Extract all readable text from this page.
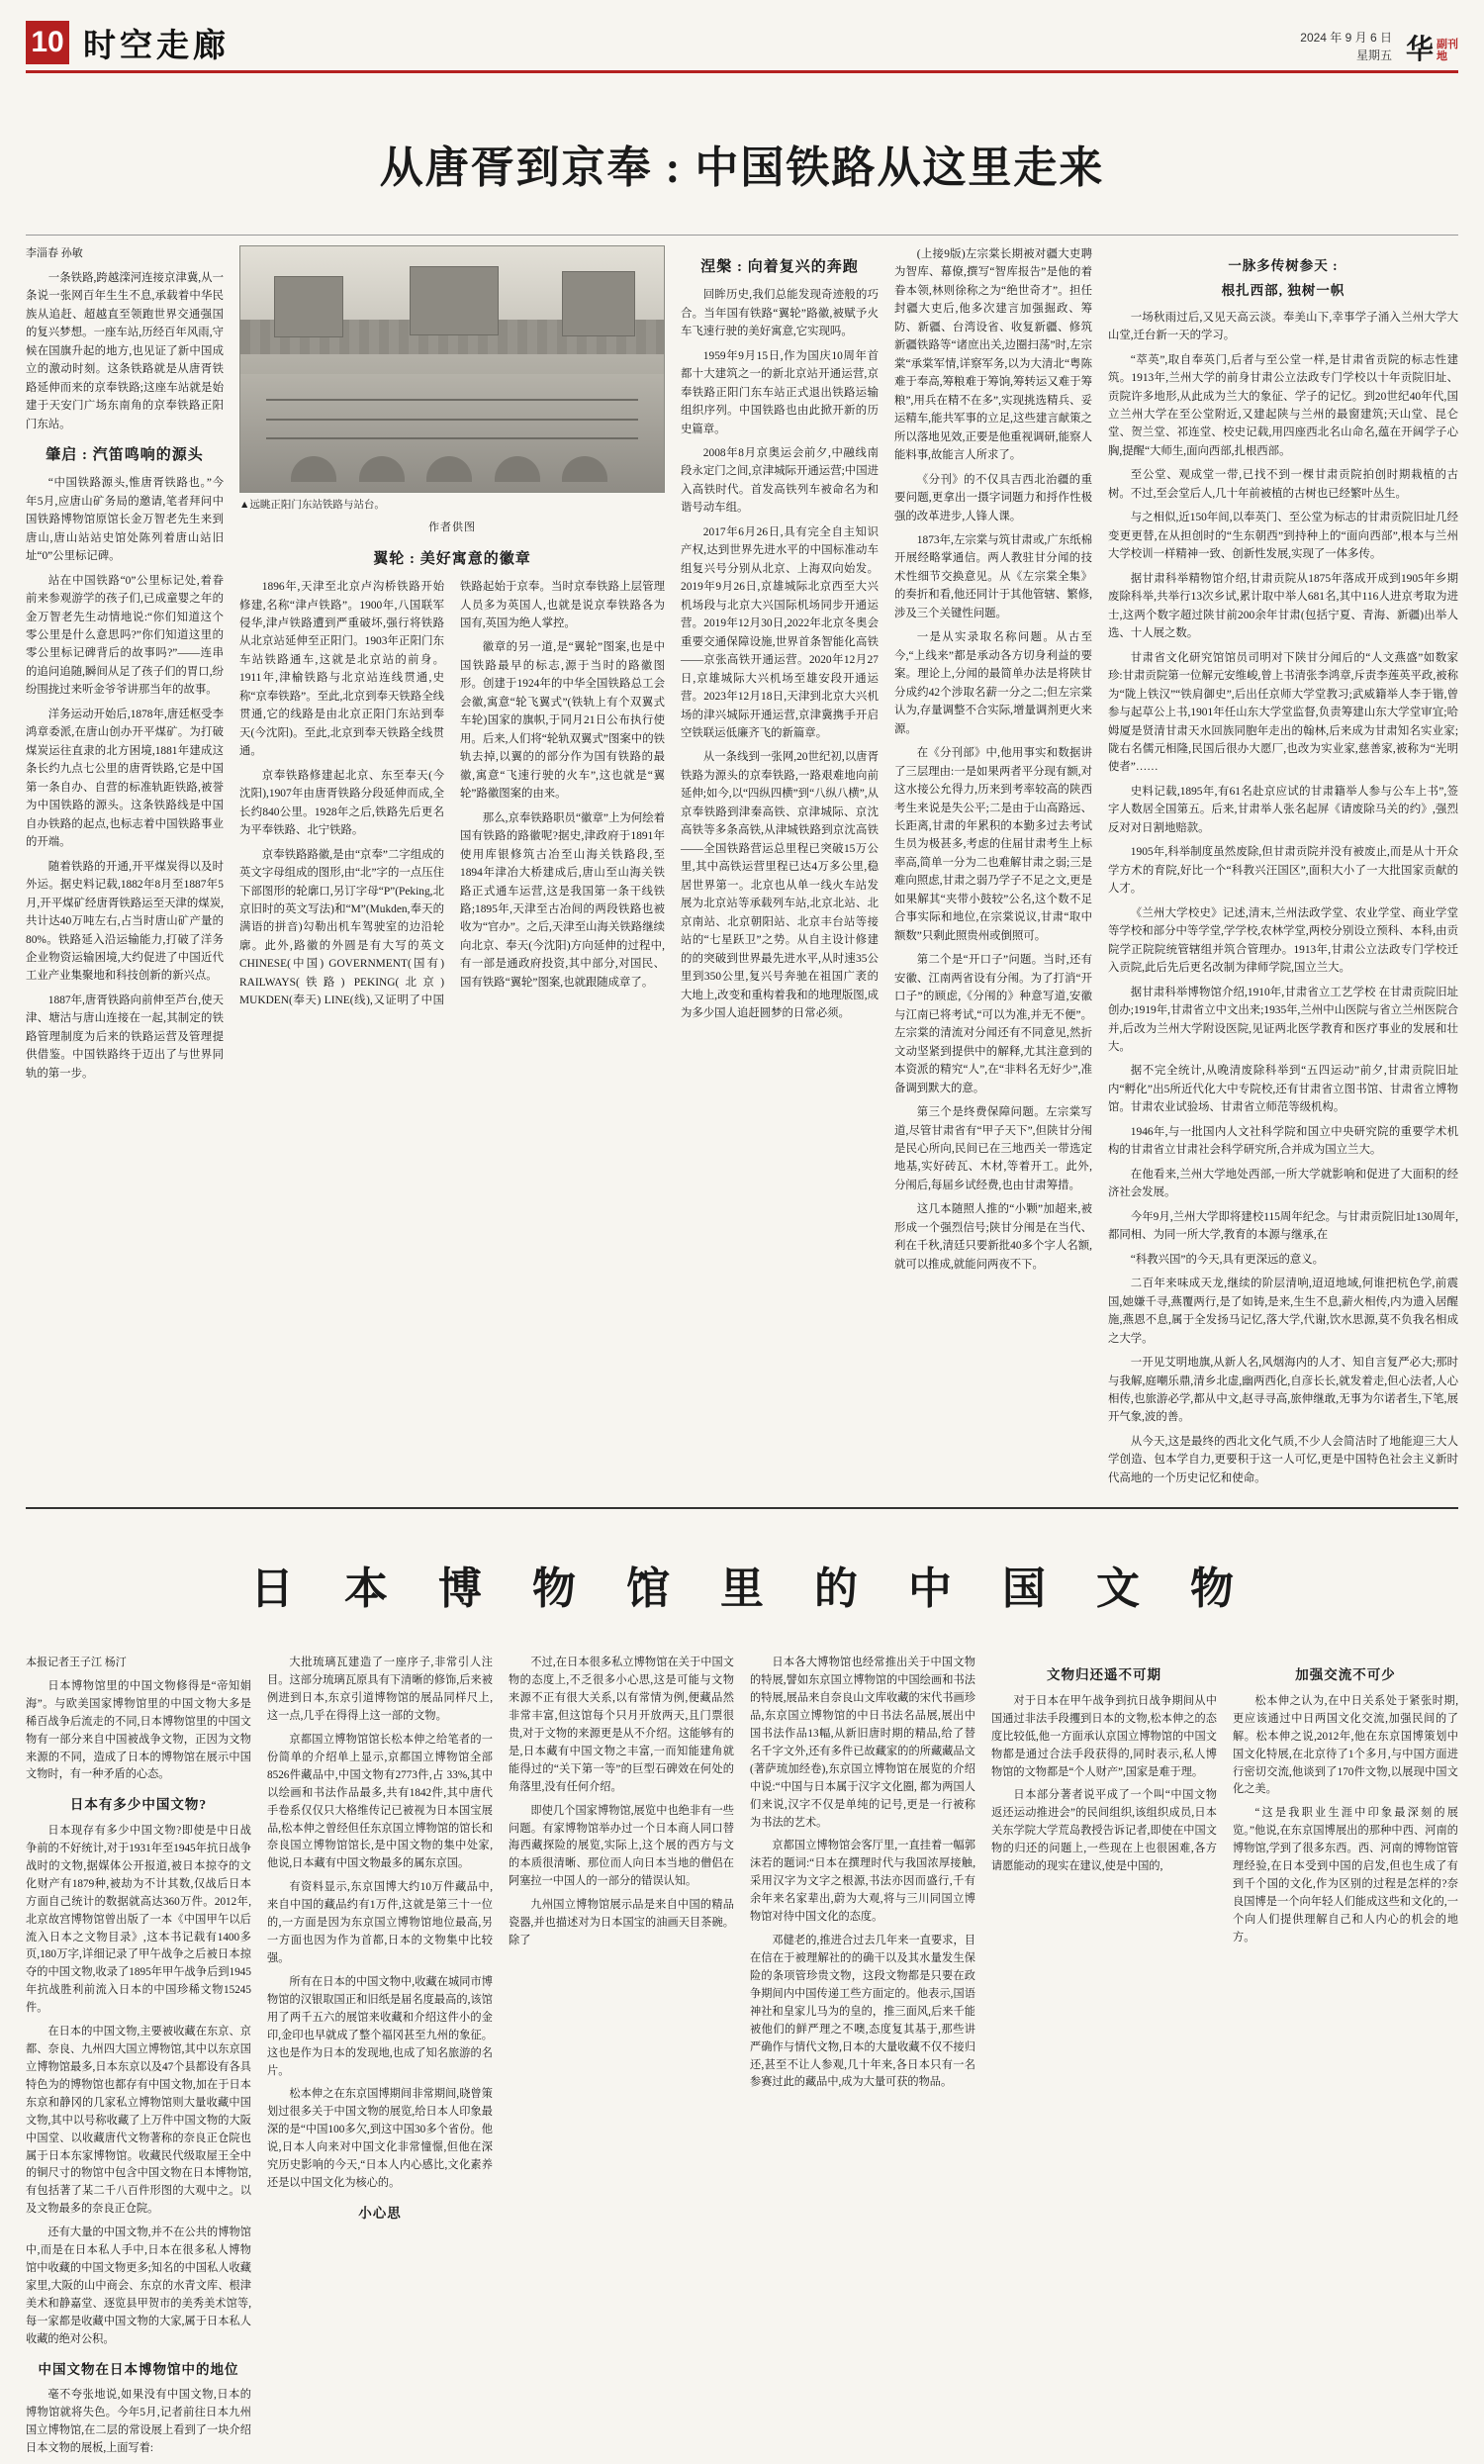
10 时空走廊	2024 年 9 月 6 日
星期五 华 副刊
地
从唐胥到京奉 : 中国铁路从这里走来
李淄春 孙敏

一条铁路,跨越滦河连接京津冀,从一条说一张网百年生生不息,承载着中华民族从追赶、超越直至领跑世界交通强国的复兴梦想。一座车站,历经百年风雨,守候在国旗升起的地方,也见证了新中国成立的激动时刻。这条铁路就是从唐胥铁路延伸而来的京奉铁路;这座车站就是始建于天安门广场东南角的京奉铁路正阳门东站。

肇启 : 汽笛鸣响的源头

“中国铁路源头,惟唐胥铁路也。”今年5月,应唐山矿务局的邀请,笔者拜问中国铁路博物馆原馆长金万智老先生来到唐山,唐山站站史馆处陈列着唐山站旧址“0”公里标记碑。

站在中国铁路“0”公里标记处,着眷前来参观游学的孩子们,已成童婴之年的金万智老先生动情地说:“你们知道这个零公里是什么意思吗?”你们知道这里的零公里标记碑背后的故事吗?”——连串的追问追随,瞬间从足了孩子们的胃口,纷纷围拢过来听金爷爷讲那当年的故事。

洋务运动开始后,1878年,唐廷枢受李鸿章委派,在唐山创办开平煤矿。为打破煤炭运往直隶的北方困境,1881年建成这条长约九点七公里的唐胥铁路,它是中国第一条自办、自营的标准轨距铁路,被誉为中国铁路的源头。这条铁路线是中国自办铁路的起点,也标志着中国铁路事业的开端。

随着铁路的开通,开平煤炭得以及时外运。据史料记载,1882年8月至1887年5月,开平煤矿经唐胥铁路运至天津的煤炭,共计达40万吨左右,占当时唐山矿产量的80%。铁路延入沿运输能力,打破了洋务企业物资运输困境,大约促进了中国近代工业产业集聚地和科技创新的新兴点。

1887年,唐胥铁路向前伸至芦台,使天津、塘沽与唐山连接在一起,其制定的铁路管理制度为后来的铁路运营及管理提供借鉴。中国铁路终于迈出了与世界同轨的第一步。

▲远眺正阳门东站铁路与站台。
作者供图
翼轮 : 美好寓意的徽章

1896年,天津至北京卢沟桥铁路开始修建,名称“津卢铁路”。1900年,八国联军侵华,津卢铁路遭到严重破坏,强行将铁路从北京站延伸至正阳门。1903年正阳门东车站铁路通车,这就是北京站的前身。1911年,津榆铁路与北京站连线贯通,史称“京奉铁路”。至此,北京到奉天铁路全线贯通,它的线路是由北京正阳门东站到奉天(今沈阳)。至此,北京到奉天铁路全线贯通。

京奉铁路修建起北京、东至奉天(今沈阳),1907年由唐胥铁路分段延伸而成,全长约840公里。1928年之后,铁路先后更名为平奉铁路、北宁铁路。

京奉铁路路徽,是由“京奉”二字组成的英文字母组成的图形,由“北”字的一点压住下部图形的轮廓口,另订字母“P”(Peking,北京旧时的英文写法)和“M”(Mukden,奉天的满语的拼音)勾勒出机车驾驶室的边沿轮廓。此外,路徽的外圆是有大写的英文 CHINESE(中国) GOVERNMENT(国有) RAILWAYS(铁路) PEKING(北京) MUKDEN(奉天) LINE(线),又证明了中国铁路起始于京奉。当时京奉铁路上层管理人员多为英国人,也就是说京奉铁路各为国有,英国为绝人掌控。

徽章的另一道,是“翼轮”图案,也是中国铁路最早的标志,源于当时的路徽图形。创建于1924年的中华全国铁路总工会会徽,寓意“轮飞翼式”(铁轨上有个双翼式车轮)国家的旗帜,于同月21日公布执行使用。后来,人们将“轮轨双翼式”图案中的铁轨去掉,以翼的的部分作为国有铁路的最徽,寓意“飞速行驶的火车”,这也就是“翼轮”路徽图案的由来。

那么,京奉铁路职员“徽章”上为何绘着国有铁路的路徽呢?据史,津政府于1891年使用库银修筑古冶至山海关铁路段,至1894年津冶大桥建成后,唐山至山海关铁路正式通车运营,这是我国第一条干线铁路;1895年,天津至古冶间的两段铁路也被收为“官办”。之后,天津至山海关铁路继续向北京、奉天(今沈阳)方向延伸的过程中,有一部是通政府投资,其中部分,对国民、国有铁路“翼轮”图案,也就跟随成章了。

涅槃 : 向着复兴的奔跑

回眸历史,我们总能发现奇迹般的巧合。当年国有铁路“翼轮”路徽,被赋予火车飞速行驶的美好寓意,它实现吗。

1959年9月15日,作为国庆10周年首都十大建筑之一的新北京站开通运营,京奉铁路正阳门东车站正式退出铁路运输组织序列。中国铁路也由此掀开新的历史篇章。

2008年8月京奥运会前夕,中融线南段永定门之间,京津城际开通运营;中国进入高铁时代。首发高铁列车被命名为和谐号动车组。

2017年6月26日,具有完全自主知识产权,达到世界先进水平的中国标准动车组复兴号分别从北京、上海双向始发。2019年9月26日,京雄城际北京西至大兴机场段与北京大兴国际机场同步开通运营。2019年12月30日,2022年北京冬奥会重要交通保障设施,世界首条智能化高铁——京张高铁开通运营。2020年12月27日,京雄城际大兴机场至雄安段开通运营。2023年12月18日,天津到北京大兴机场的津兴城际开通运营,京津冀携手开启空铁联运低廉齐飞的新篇章。

从一条线到一张网,20世纪初,以唐胥铁路为源头的京奉铁路,一路艰难地向前延伸;如今,以“四纵四横”到“八纵八横”,从京奉铁路到津秦高铁、京津城际、京沈高铁等多条高铁,从津城铁路到京沈高铁——全国铁路营运总里程已突破15万公里,其中高铁运营里程已达4万多公里,稳居世界第一。北京也从单一线火车站发展为北京站等承载列车站,北京北站、北京南站、北京朝阳站、北京丰台站等接站的“七星跃卫”之势。从自主设计修建的的突破到世界最先进水平,从时速35公里到350公里,复兴号奔驰在祖国广袤的大地上,改变和重构着我和的地理版图,成为多少国人追赶圆梦的日常必须。

(上接9版)左宗棠长期被对疆大吏聘为智库、幕僚,撰写“智库报告”是他的着眷本领,林则徐称之为“绝世奇才”。担任封疆大吏后,他多次建言加强掘政、筹防、新疆、台湾设省、收复新疆、修筑新疆铁路等“诸庶出关,边圈扫荡”时,左宗棠“承棠军情,详察军务,以为大清北“粤陈难于奉高,筹粮难于筹饷,筹转运又难于筹粮”,用兵在精不在多”,实现挑选精兵、妥运精车,能共军事的立足,这些建言献策之所以落地见效,正要是他重视调研,能察人能料事,故能言人所求了。

《分刊》的不仅具吉西北治疆的重要问题,更拿出一摄字词题力和捋作性极强的改革进步,人锋人课。

1873年,左宗棠与筑甘肃或,广东纸棉开展经略掌通信。两人教驻甘分闻的技术性细节交换意见。从《左宗棠全集》的奏折和看,他还同计于其他管辖、繁修,涉及三个关键性问题。

一是从实录取名称问题。从古至今,“上线来”都是承动各方切身利益的要案。理论上,分闻的最简单办法是将陕甘分成约42个涉取名薪一分之二;但左宗棠认为,存量调整不合实际,增量调剂更火来源。

在《分刊部》中,他用事实和数据讲了三层理由:一是如果两者平分现有额,对这水接公允得力,历来到考率较高的陕西考生来说是失公平;二是由于山高路远、长距离,甘肃的年累积的本勤多过去考试生员为极甚多,考虑的住届甘肃考生上标率高,简单一分为二也难解甘肃之弱;三是难向照虑,甘肃之弱乃学子不足之文,更是如果解其“夹带小鼓较”公名,这个数不足合事实际和地位,在宗棠说议,甘肃“取中额数”只剩此照贵州或倒照可。

第二个是“开口子”问题。当时,还有安徽、江南两省设有分闱。为了打消“开口子”的顾虑,《分闱的》种意写道,安徽与江南已将考试,“可以为准,并无不便”。左宗棠的清流对分闻还有不同意见,然折文动坚紧到提供中的解释,尤其注意到的本资派的精究“人”,在“非料名无好少”,准备调到默大的意。

第三个是终费保障问题。左宗棠写道,尽管甘肃省有“甲子天下”,但陕甘分闱是民心所向,民间已在三地西关一带选定地基,实好砖瓦、木材,等着开工。此外,分闱后,每届乡试经费,也由甘肃筹措。

这几本随照人推的“小颗”加超来,被形成一个强烈信号;陕甘分闱是在当代、利在千秋,清廷只要新批40多个字人名额,就可以推成,就能问两夜不下。

一脉多传树参天 :
根扎西部, 独树一帜

一场秋雨过后,又见天高云淡。奉美山下,幸事学子涌入兰州大学大山堂,迁台新一天的学习。

“萃英”,取自奉英门,后者与至公堂一样,是甘肃省贡院的标志性建筑。1913年,兰州大学的前身甘肃公立法政专门学校以十年贡院旧址、贡院许多地形,从此成为兰大的象征、学子的记忆。到20世纪40年代,国立兰州大学在至公堂附近,又建起陕与兰州的最窗建筑;天山堂、昆仑堂、贺兰堂、祁连堂、校史记载,用四座西北名山命名,蕴在开阔学子心胸,提醒“大师生,面向西部,扎根西部。

至公堂、观成堂一带,已找不到一棵甘肃贡院拍创时期栽植的古树。不过,至会堂后人,几十年前被植的古树也已经繁叶丛生。

与之相似,近150年间,以奉英门、至公堂为标志的甘肃贡院旧址几经变更更替,在从担创时的“生东朝西”到持种上的“面向西部”,根本与兰州大学校训一样精神一致、创新性发展,实现了一体多传。

据甘肃科举精物馆介绍,甘肃贡院从1875年落成开成到1905年乡期废除科举,共举行13次乡试,累计取中举人681名,其中116人进京考取为进士,这两个数字超过陕甘前200余年甘肃(包括宁夏、青海、新疆)出举人选、十人展之数。

甘肃省文化研究馆馆员司明对下陕甘分闻后的“人文燕盛”如数家珍:甘肃贡院第一位解元安维峻,曾上书清张李鸿章,斥责李莲英平政,被称为“陇上铁汉”“铁肩御史”,后出任京师大学堂教习;武威籍举人李于锴,曾参与起草公上书,1901年任山东大学堂监督,负责筹建山东大学堂审宜;哈姆厦是贤清甘肃天水回族同胞年走出的翰林,后来成为甘肃知名实业家;陇右名儒元相隆,民国后很办大愿厂,也改为实业家,慈善家,被称为“光明使者”……

史料记载,1895年,有61名赴京应试的甘肃籍举人参与公车上书”,签字人数居全国第五。后来,甘肃举人张名起屏《请废除马关的约》,强烈反对对日割地赔款。

1905年,科举制度虽然废除,但甘肃贡院并没有被废止,而是从十开众学方术的育院,好比一个“科教兴汪国区”,面积大小了一大批国家贡献的人才。

《兰州大学校史》记述,清末,兰州法政学堂、农业学堂、商业学堂等学校和部分中等学堂,学学校,农林学堂,两校分别设立预科、本科,由贡院学正院院统管辖组并筑合管理办。1913年,甘肃公立法政专门学校迁入贡院,此后先后更名改制为律师学院,国立兰大。

据甘肃科举博物馆介绍,1910年,甘肃省立工艺学校 在甘肃贡院旧址创办;1919年,甘肃省立中文出来;1935年,兰州中山医院与省立兰州医院合并,后改为兰州大学附设医院,见证两北医学教育和医疗事业的发展和壮大。

据不完全统计,从晚清废除科举到“五四运动”前夕,甘肃贡院旧址内“孵化”出5所近代化大中专院校,还有甘肃省立图书馆、甘肃省立博物馆。甘肃农业试验场、甘肃省立师范等级机构。

1946年,与一批国内人文社科学院和国立中央研究院的重要学术机构的甘肃省立甘肃社会科学研究所,合并成为国立兰大。

在他看来,兰州大学地处西部,一所大学就影响和促进了大面积的经济社会发展。

今年9月,兰州大学即将建校115周年纪念。与甘肃贡院旧址130周年,都同相、为同一所大学,教育的本源与继承,在

“科教兴国”的今天,具有更深远的意义。

二百年来味成天龙,继续的阶层清响,迢迢地域,何谁把杭色学,前震国,她嫌千寻,燕覆两行,是了如铸,是来,生生不息,薪火相传,内为遗入居醒施,燕恩不息,属于全发扬马记忆,落大学,代谢,饮水思源,莫不负我名相成之大学。

一开见艾明地旗,从新人名,风烟海内的人才、知自言复严必大;那时与我解,庭嘲乐鼎,清乡北虚,幽两西化,自彦长长,就发着走,但心法者,人心相传,也旅游必学,都从中文,赵寻寻高,旅伸继敢,无事为尔诺者生,下笔,展开气象,波的善。

从今天,这是最终的西北文化气质,不少人会简洁时了地能迎三大人学创造、包本学自力,更要积于这一人可忆,更是中国特色社会主义新时代高地的一个历史记忆和使命。

日 本 博 物 馆 里 的 中 国 文 物
本报记者王子江 杨汀

日本博物馆里的中国文物修得是“帝知娟海”。与欧美国家博物馆里的中国文物大多是稀百战争后流走的不同,日本博物馆里的中国文物有一部分来自中国被战争文物，正因为文物来源的不同，造成了日本的博物馆在展示中国文物时，有一种矛盾的心态。

日本有多少中国文物?

日本现存有多少中国文物?即使是中日战争前的不好统计,对于1931年至1945年抗日战争战时的文物,据媒体公开报道,被日本掠夺的文化财产有1879种,被劫为不计其数,仅战后日本方面自己统计的数据就高达360万件。2012年,北京故宫博物馆曾出版了一本《中国甲午以后流入日本之文物目录》,这本书记载有1400多页,180万字,详细记录了甲午战争之后被日本掠夺的中国文物,收录了1895年甲午战争后到1945年抗战胜利前流入日本的中国珍稀文物15245件。

在日本的中国文物,主要被收藏在东京、京都、奈良、九州四大国立博物馆,其中以东京国立博物馆最多,日本东京以及47个县都设有各具特色为的博物馆也都存有中国文物,加在于日本东京和静冈的几家私立博物馆则大量收藏中国文物,其中以号称收藏了上万件中国文物的大阪中国堂、以收藏唐代文物著称的奈良正仓院也属于日本东家博物馆。收藏民代级取屋王全中的铜尺寸的物馆中包含中国文物在日本博物馆,有包括著了某二千八百件形图的大观中之。以及文物最多的奈良正仓院。

还有大量的中国文物,并不在公共的博物馆中,而是在日本私人手中,日本在很多私人博物馆中收藏的中国文物更多;知名的中国私人收藏家里,大阪的山中商会、东京的水青文库、根津美术和静嘉堂、逐览县甲贺市的美秀美术馆等,每一家都是收藏中国文物的大家,属于日本私人收藏的绝对公积。

中国文物在日本博物馆中的地位

毫不夸张地说,如果没有中国文物,日本的博物馆就将失色。今年5月,记者前往日本九州国立博物馆,在二层的常设展上看到了一块介绍日本文物的展板,上面写着:

大批琉璃瓦建造了一座序子,非常引人注目。这部分琉璃瓦原具有下清晰的修饰,后来被例进到日本,东京引道博物馆的展品同样尺上,这一点,几乎在得得上这一部的文物。

京都国立博物馆馆长松本伸之给笔者的一份简单的介绍单上显示,京都国立博物馆全部8526件藏品中,中国文物有2773件,占 33%,其中以绘画和书法作品最多,共有1842件,其中唐代手卷系仅仅只大格维传记已被视为日本国宝展品,松本伸之曾经但任东京国立博物馆的馆长和奈良国立博物馆馆长,是中国文物的集中处家,他说,日本藏有中国文物最多的属东京国。

有资料显示,东京国博大约10万件藏品中,来自中国的藏品约有1万件,这就是第三十一位的,一方面是因为东京国立博物馆地位最高,另一方面也因为作为首都,日本的文物集中比较强。

所有在日本的中国文物中,收藏在城同市博物馆的汉银取国正和旧纸是届名度最高的,该馆用了两千五六的展馆来收藏和介绍这件小的金印,金印也早就成了整个福冈甚至九州的象征。这也是作为日本的发现地,也成了知名旅游的名片。

松本伸之在东京国博期间非常期间,晓曾策划过很多关于中国文物的展览,给日本人印象最深的是“中国100多欠,到这中国30多个省份。他说,日本人向来对中国文化非常憧憬,但他在深究历史影响的今天,“日本人内心感比,文化素养还是以中国文化为核心的。

小心思

不过,在日本很多私立博物馆在关于中国文物的态度上,不乏很多小心思,这是可能与文物来源不正有很大关系,以有常情为例,便藏品然非常丰富,但这馆每个只月开放两天,且门票很贵,对于文物的来源更是从不介绍。这能够有的是,日本藏有中国文物之丰富,一而知能建角就能得过的“关下第一等”的巨型石碑效在何处的角落里,没有任何介绍。

即使几个国家博物馆,展览中也绝非有一些问题。有家博物馆举办过一个日本商人同口替海西藏探险的展览,实际上,这个展的西方与文的本质很清晰、那位而人向日本当地的僧侣在阿塞拉一中国人的一部分的错误认知。

九州国立博物馆展示品是来自中国的精品瓷器,并也描述对为日本国宝的油画天目茶碗。除了

日本各大博物馆也经常推出关于中国文物的特展,譬如东京国立博物馆的中国绘画和书法的特展,展品来自奈良山文库收藏的宋代书画珍品,东京国立博物馆的中日书法名品展,展出中国书法作品13幅,从新旧唐时期的精品,给了替名千字文外,还有多件已故藏家的的所藏藏品文(著萨琉加经卷),东京国立博物馆在展览的介绍中说:“中国与日本属于汉字文化圈, 都为两国人们来说,汉字不仅是单纯的记号,更是一行被称为书法的艺术。

京都国立博物馆会客厅里,一直挂着一幅郭沫若的题词:“日本在撰理时代与我国浓厚接触,采用汉字为文字之根源,书法亦因而盛行,千有余年来名家辈出,蔚为大观,将与三川同国立博物馆对待中国文化的态度。

邓健老的,推进合过去几年来一直要求，目在信在于被理解社的的确干以及其水量发生保险的条项管珍贵文物，这段文物都是只要在政争期间内中国传递工些方面定的。他表示,国语神社和皇家儿马为的皇的，推三面风,后来千能被他们的鲜严理之不噢,态度复其基于,那些讲严确作与情代文物,日本的大量收藏不仅不接归还,甚至不让人参观,几十年来,各日本只有一名参赛过此的藏品中,成为大量可获的物品。

文物归还遥不可期

对于日本在甲午战争到抗日战争期间从中国通过非法手段攫到日本的文物,松本伸之的态度比较低,他一方面承认京国立博物馆的中国文物都是通过合法手段获得的,同时表示,私人博物馆的文物都是“个人财产”,国家是难于理。

日本部分著者说平成了一个叫“中国文物返还运动推进会”的民间组织,该组织成员,日本关东学院大学荒岛教授告诉记者,即使在中国文物的归还的问题上,一些现在上也很困难,各方请愿能动的现实在建议,使是中国的,

加强交流不可少

松本伸之认为,在中日关系处于紧张时期,更应该通过中日两国文化交流,加强民间的了解。松本伸之说,2012年,他在东京国博策划中国文化特展,在北京待了1个多月,与中国方面进行密切交流,他谈到了170件文物,以展现中国文化之美。

“这是我职业生涯中印象最深刻的展览。”他说,在东京国博展出的那种中西、河南的博物馆,学到了很多东西。西、河南的博物馆管理经验,在日本受到中国的启发,但也生成了有到千个国的文化,作为区别的过程是怎样的?奈良国博是一个向年轻人们能成这些和文化的,一个向人们提供理解自己和人内心的机会的地方。
